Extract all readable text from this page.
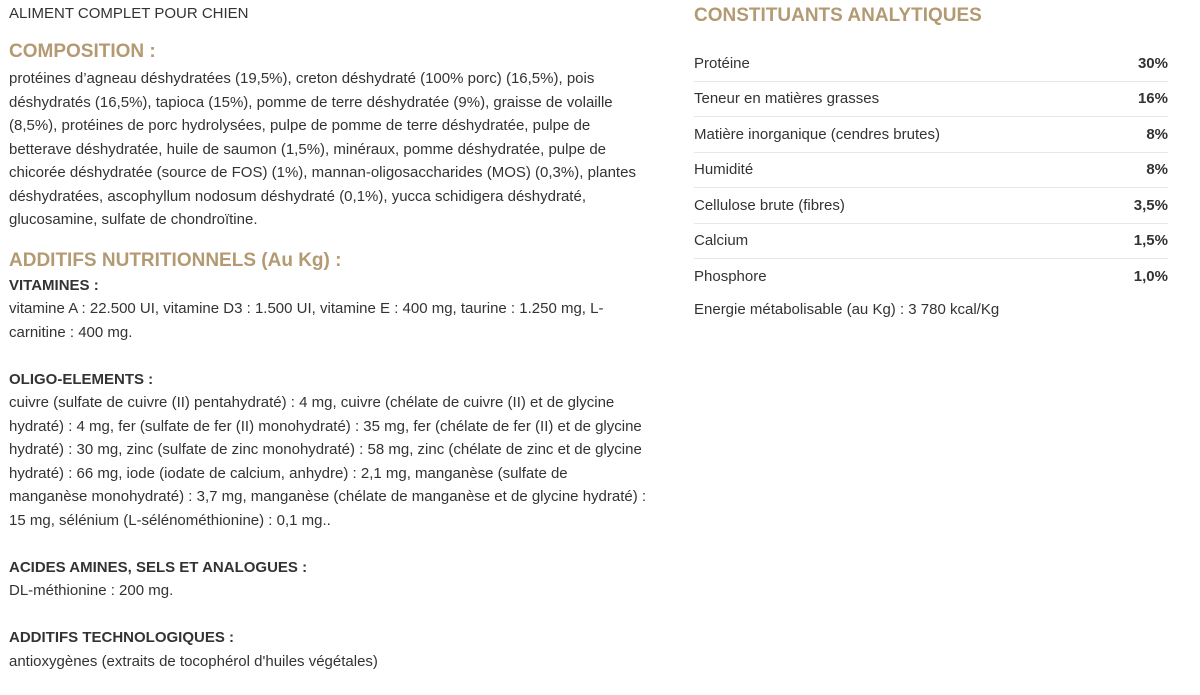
ALIMENT COMPLET POUR CHIEN
COMPOSITION :
protéines d’agneau déshydratées (19,5%), creton déshydraté (100% porc) (16,5%), pois
déshydratés (16,5%), tapioca (15%), pomme de terre déshydratée (9%), graisse de volaille
(8,5%), protéines de porc hydrolysées, pulpe de pomme de terre déshydratée, pulpe de
betterave déshydratée, huile de saumon (1,5%), minéraux, pomme déshydratée, pulpe de
chicorée déshydratée (source de FOS) (1%), mannan-oligosaccharides (MOS) (0,3%), plantes
déshydratées, ascophyllum nodosum déshydraté (0,1%), yucca schidigera déshydraté,
glucosamine, sulfate de chondroïtine.
ADDITIFS NUTRITIONNELS (Au Kg) :
VITAMINES :
vitamine A : 22.500 UI, vitamine D3 : 1.500 UI, vitamine E : 400 mg, taurine : 1.250 mg, L-
carnitine : 400 mg.
OLIGO-ELEMENTS :
cuivre (sulfate de cuivre (II) pentahydraté) : 4 mg, cuivre (chélate de cuivre (II) et de glycine
hydraté) : 4 mg, fer (sulfate de fer (II) monohydraté) : 35 mg, fer (chélate de fer (II) et de glycine
hydraté) : 30 mg, zinc (sulfate de zinc monohydraté) : 58 mg, zinc (chélate de zinc et de glycine
hydraté) : 66 mg, iode (iodate de calcium, anhydre) : 2,1 mg, manganèse (sulfate de
manganèse monohydraté) : 3,7 mg, manganèse (chélate de manganèse et de glycine hydraté) :
15 mg, sélénium (L-sélénométhionine) : 0,1 mg..
ACIDES AMINES, SELS ET ANALOGUES :
DL-méthionine : 200 mg.
ADDITIFS TECHNOLOGIQUES :
antioxygènes (extraits de tocophérol d'huiles végétales)
CONSTITUANTS ANALYTIQUES
Protéine	30%
Teneur en matières grasses	16%
Matière inorganique (cendres brutes)	8%
Humidité	8%
Cellulose brute (fibres)	3,5%
Calcium	1,5%
Phosphore	1,0%
Energie métabolisable (au Kg) : 3 780 kcal/Kg
